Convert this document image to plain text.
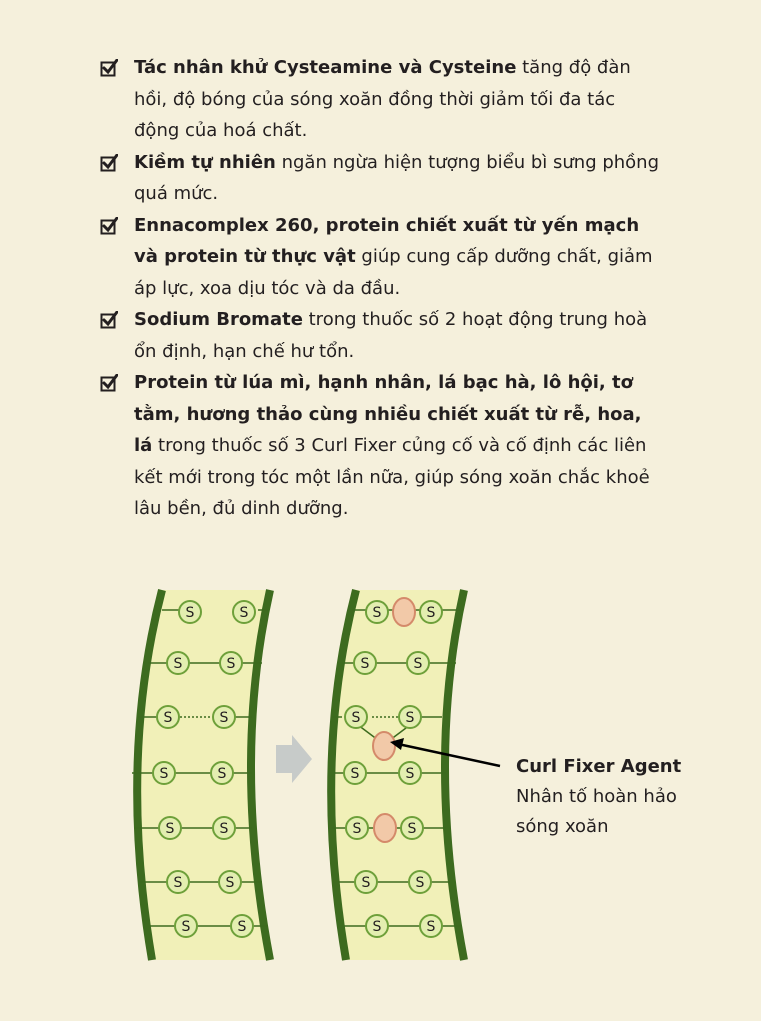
Tác nhân khử Cysteamine và Cysteine tăng độ đàn hồi, độ bóng của sóng xoăn đồng thời giảm tối đa tác động của hoá chất.
Kiềm tự nhiên ngăn ngừa hiện tượng biểu bì sưng phồng quá mức.
Ennacomplex 260, protein chiết xuất từ yến mạch và protein từ thực vật giúp cung cấp dưỡng chất, giảm áp lực, xoa dịu tóc và da đầu.
Sodium Bromate trong thuốc số 2 hoạt động trung hoà ổn định, hạn chế hư tổn.
Protein từ lúa mì, hạnh nhân, lá bạc hà, lô hội, tơ tằm, hương thảo cùng nhiều chiết xuất từ rễ, hoa, lá trong thuốc số 3 Curl Fixer củng cố và cố định các liên kết mới trong tóc một lần nữa, giúp sóng xoăn chắc khoẻ lâu bền, đủ dinh dưỡng.
S	S
S	S
S	S
S	S
S	S
S	S
S	S
S	S
S	S
S	S
S	S
S	S
S	S
S	S
Curl Fixer Agent
Nhân tố hoàn hảo
sóng xoăn
